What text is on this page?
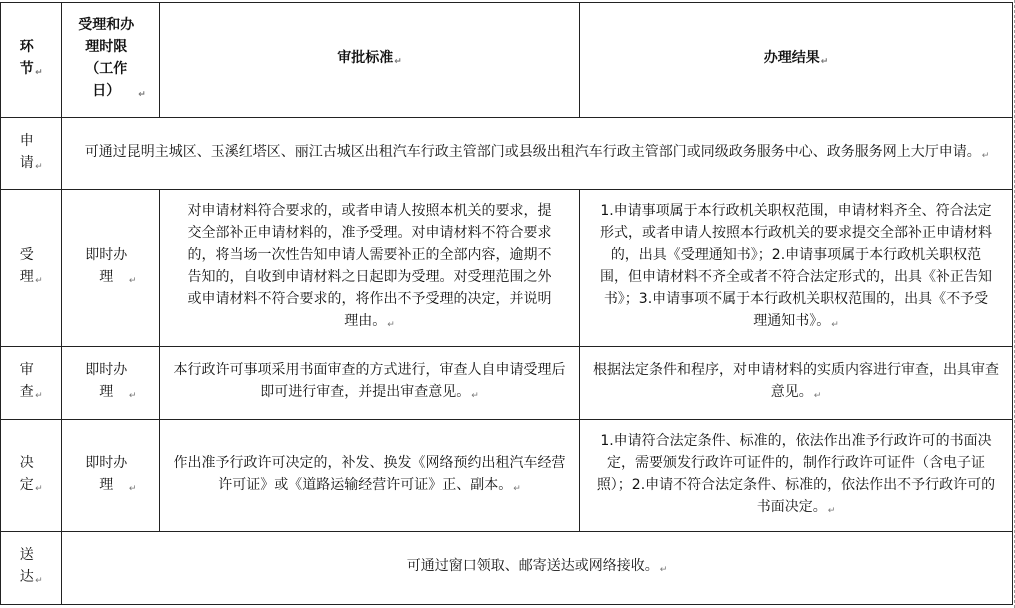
环节↵	受理和办理时限（工作日） ↵	审批标准↵	办理结果↵
申请↵	可通过昆明主城区、玉溪红塔区、丽江古城区出租汽车行政主管部门或县级出租汽车行政主管部门或同级政务服务中心、政务服务网上大厅申请。↵		
受理↵	即时办理 ↵	对申请材料符合要求的，或者申请人按照本机关的要求，提交全部补正申请材料的，准予受理。对申请材料不符合要求的，将当场一次性告知申请人需要补正的全部内容，逾期不告知的，自收到申请材料之日起即为受理。对受理范围之外或申请材料不符合要求的，将作出不予受理的决定，并说明理由。↵	1.申请事项属于本行政机关职权范围，申请材料齐全、符合法定形式，或者申请人按照本行政机关的要求提交全部补正申请材料的，出具《受理通知书》；2.申请事项属于本行政机关职权范围，但申请材料不齐全或者不符合法定形式的，出具《补正告知书》；3.申请事项不属于本行政机关职权范围的，出具《不予受理通知书》。↵
审查↵	即时办理 ↵	本行政许可事项采用书面审查的方式进行，审查人自申请受理后即可进行审查，并提出审查意见。↵	根据法定条件和程序，对申请材料的实质内容进行审查，出具审查意见。↵
决定↵	即时办理 ↵	作出准予行政许可决定的，补发、换发《网络预约出租汽车经营许可证》或《道路运输经营许可证》正、副本。↵	1.申请符合法定条件、标准的，依法作出准予行政许可的书面决定，需要颁发行政许可证件的，制作行政许可证件（含电子证照）；2.申请不符合法定条件、标准的，依法作出不予行政许可的书面决定。↵
送达↵	可通过窗口领取、邮寄送达或网络接收。↵		
